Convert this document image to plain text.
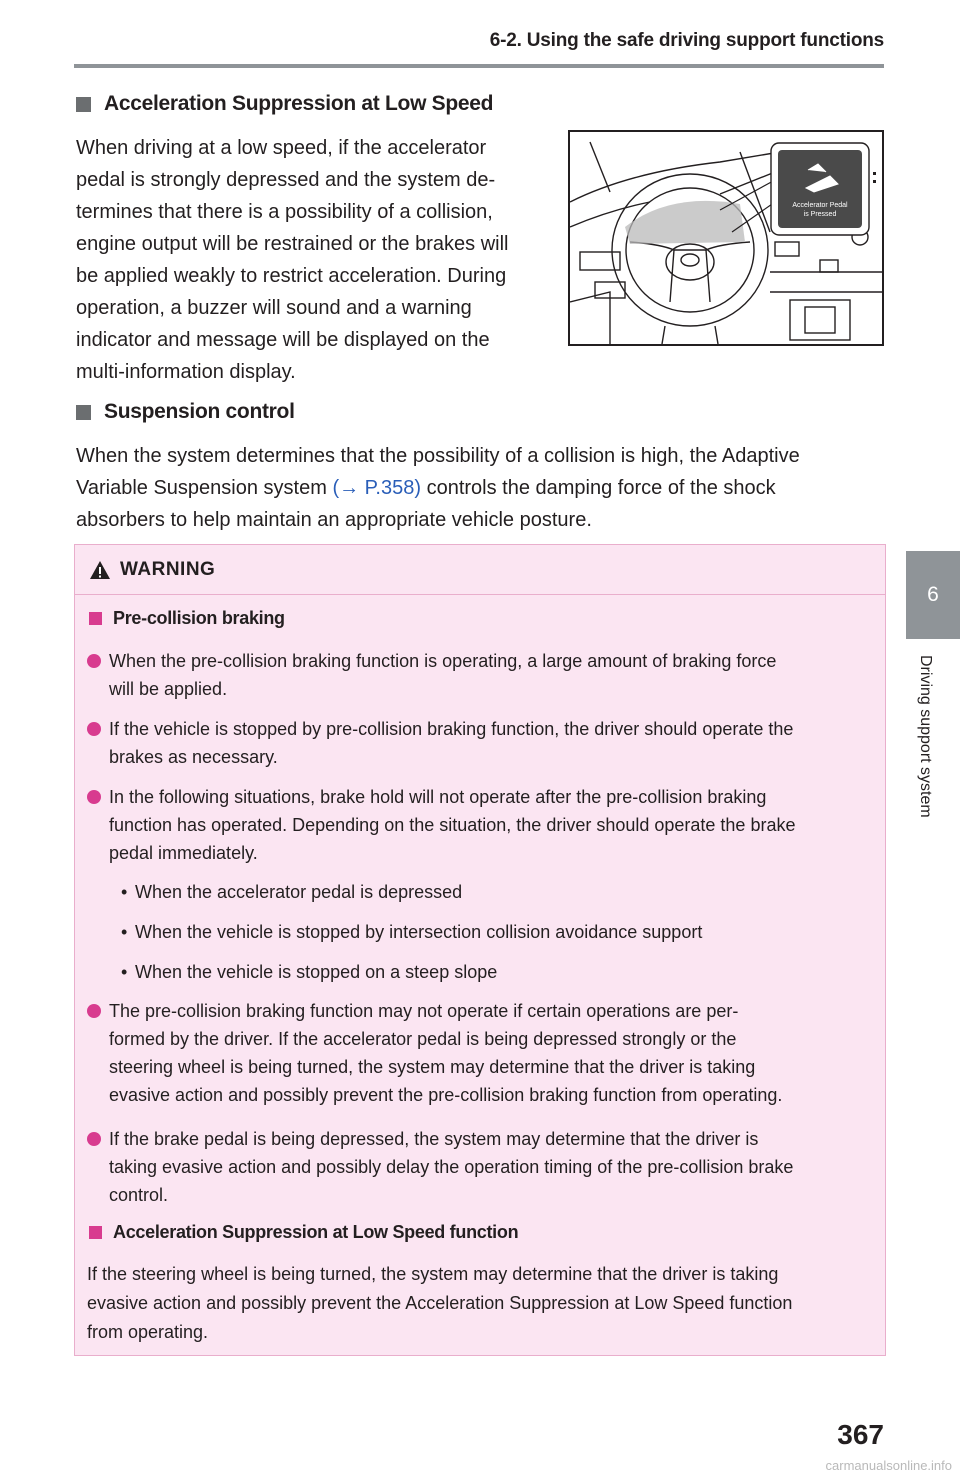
6-2. Using the safe driving support functions
6
Driving support system
Acceleration Suppression at Low Speed
When driving at a low speed, if the accelerator
pedal is strongly depressed and the system de-
termines that there is a possibility of a collision,
engine output will be restrained or the brakes will
be applied weakly to restrict acceleration. During
operation, a buzzer will sound and a warning
indicator and message will be displayed on the
multi-information display.
Accelerator Pedal
is Pressed
Suspension control
When the system determines that the possibility of a collision is high, the Adaptive
Variable Suspension system (→ P.358) controls the damping force of the shock
absorbers to help maintain an appropriate vehicle posture.
WARNING
Pre-collision braking
When the pre-collision braking function is operating, a large amount of braking force
will be applied.
If the vehicle is stopped by pre-collision braking function, the driver should operate the
brakes as necessary.
In the following situations, brake hold will not operate after the pre-collision braking
function has operated. Depending on the situation, the driver should operate the brake
pedal immediately.
• When the accelerator pedal is depressed
• When the vehicle is stopped by intersection collision avoidance support
• When the vehicle is stopped on a steep slope
The pre-collision braking function may not operate if certain operations are per-
formed by the driver. If the accelerator pedal is being depressed strongly or the
steering wheel is being turned, the system may determine that the driver is taking
evasive action and possibly prevent the pre-collision braking function from operating.
If the brake pedal is being depressed, the system may determine that the driver is
taking evasive action and possibly delay the operation timing of the pre-collision brake
control.
Acceleration Suppression at Low Speed function
If the steering wheel is being turned, the system may determine that the driver is taking
evasive action and possibly prevent the Acceleration Suppression at Low Speed function
from operating.
367
carmanualsonline.info
